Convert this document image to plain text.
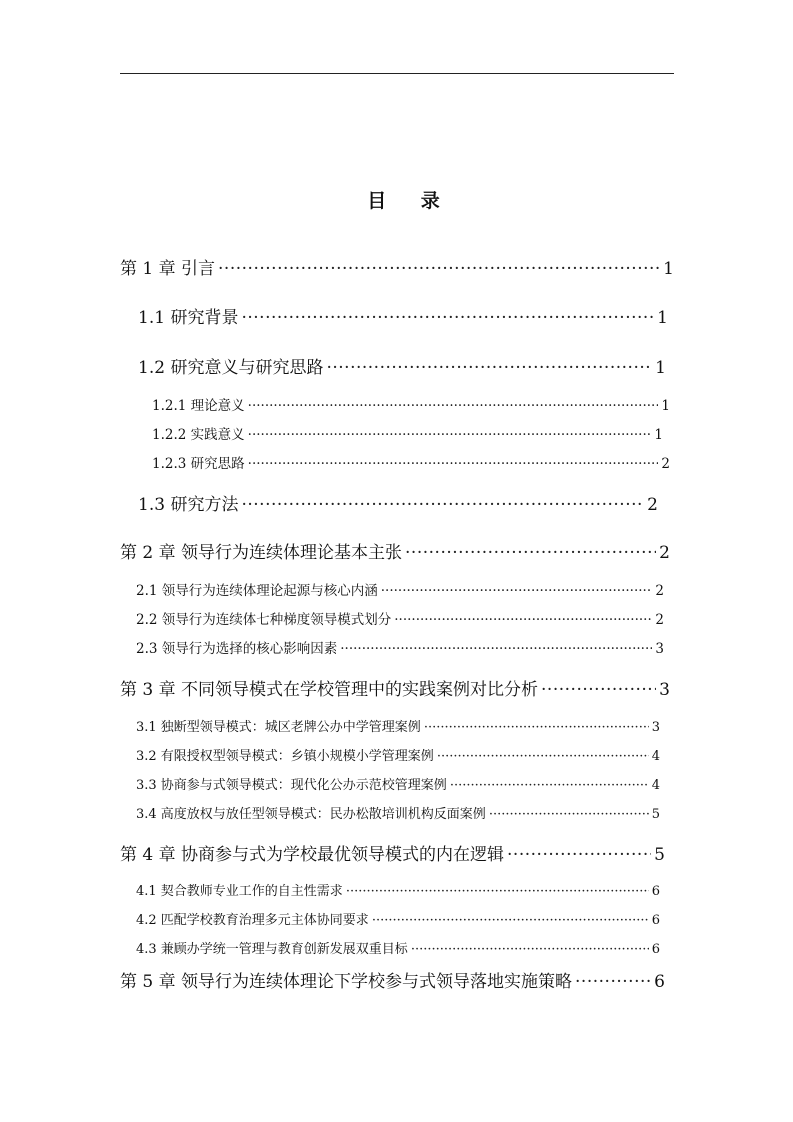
目 录
第 1 章 引言 ·····	1
1.1 研究背景 ·····	1
1.2 研究意义与研究思路 ·····	1
1.2.1 理论意义 ·····	1
1.2.2 实践意义 ·····	1
1.2.3 研究思路 ·····	2
1.3 研究方法 ·····	2
第 2 章 领导行为连续体理论基本主张 ·····	2
2.1 领导行为连续体理论起源与核心内涵 ·····	2
2.2 领导行为连续体七种梯度领导模式划分 ·····	2
2.3 领导行为选择的核心影响因素 ·····	3
第 3 章 不同领导模式在学校管理中的实践案例对比分析 ·····	3
3.1 独断型领导模式：城区老牌公办中学管理案例 ·····	3
3.2 有限授权型领导模式：乡镇小规模小学管理案例 ·····	4
3.3 协商参与式领导模式：现代化公办示范校管理案例 ·····	4
3.4 高度放权与放任型领导模式：民办松散培训机构反面案例 ·····	5
第 4 章 协商参与式为学校最优领导模式的内在逻辑 ·····	5
4.1 契合教师专业工作的自主性需求 ·····	6
4.2 匹配学校教育治理多元主体协同要求 ·····	6
4.3 兼顾办学统一管理与教育创新发展双重目标 ·····	6
第 5 章 领导行为连续体理论下学校参与式领导落地实施策略 ·····	6
